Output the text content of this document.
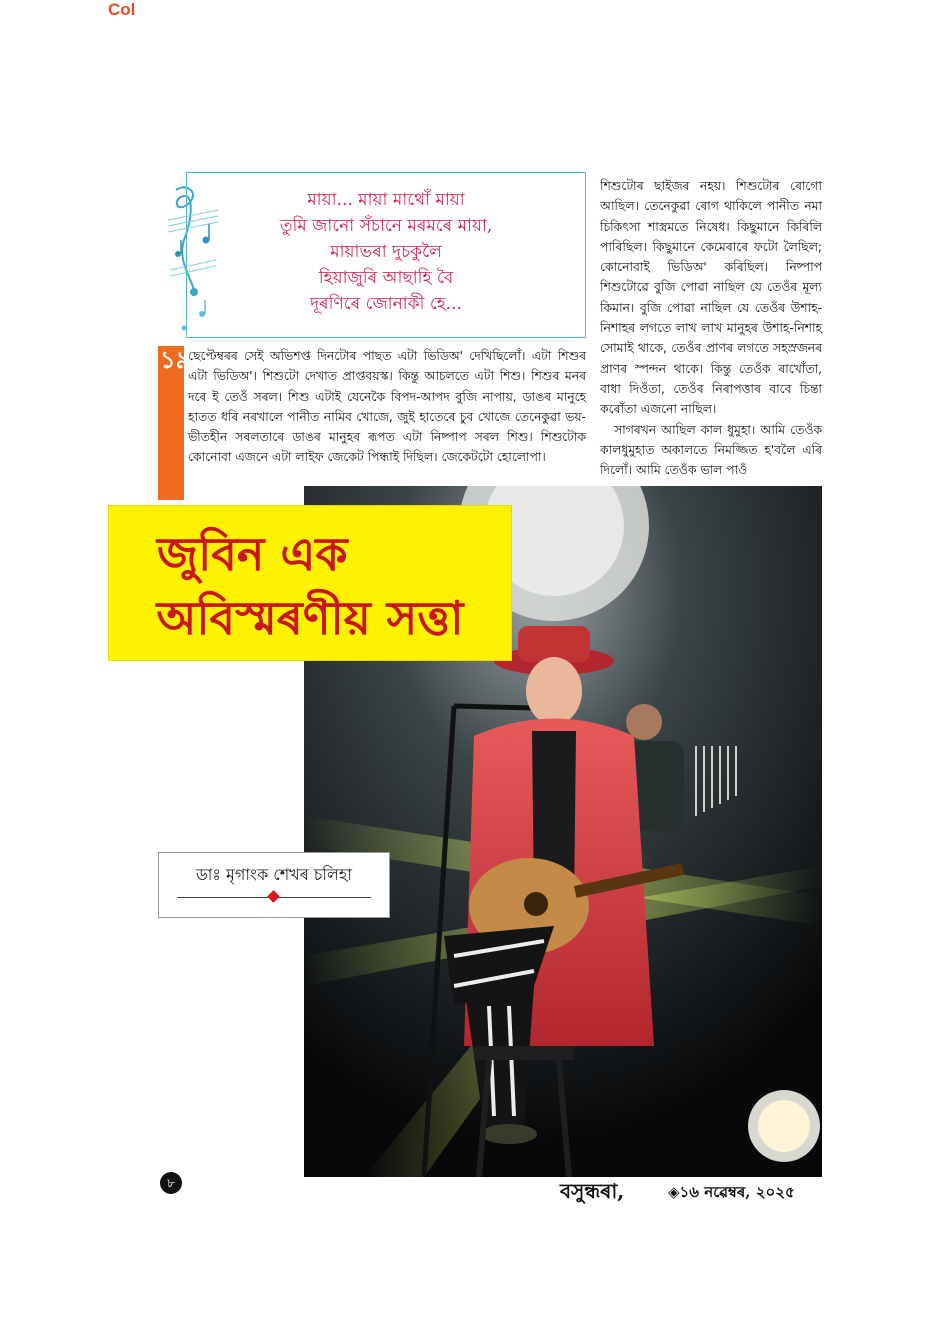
Col
মায়া... মায়া মাথোঁ মায়া
তুমি জানো সঁচানে মৰমৰে মায়া,
মায়াভৰা দুচকুলৈ
হিয়াজুৰি আছাহি বৈ
দূৰণিৰে জোনাকী হে...

শিশুটোৰ ছাইজৰ নহয়। শিশুটোৰ ৰোগো আছিল। তেনেকুৱা ৰোগ থাকিলে পানীত নমা চিকিৎসা শাস্ত্ৰমতে নিষেধ। কিছুমানে কিৰিলি পাৰিছিল। কিছুমানে কেমেৰাৰে ফটো লৈছিল; কোনোবাই ভিডিঅ' কৰিছিল। নিষ্পাপ শিশুটোৱে বুজি পোৱা নাছিল যে তেওঁৰ মূল্য কিমান। বুজি পোৱা নাছিল যে তেওঁৰ উশাহ-নিশাহৰ লগতে লাখ লাখ মানুহৰ উশাহ-নিশাহ সোমাই থাকে, তেওঁৰ প্ৰাণৰ লগতে সহস্ৰজনৰ প্ৰাণৰ স্পন্দন থাকে। কিন্তু তেওঁক ৰাখোঁতা, বাধা দিওঁতা, তেওঁৰ নিৰাপত্তাৰ বাবে চিন্তা কৰোঁতা এজনো নাছিল।

সাগৰখন আছিল কাল ধুমুহা। আমি তেওঁক কালধুমুহাত অকালতে নিমজ্জিত হ'বলৈ এৰি দিলোঁ। আমি তেওঁক ভাল পাওঁ

১৯

ছেপ্টেম্বৰৰ সেই অভিশপ্ত দিনটোৰ পাছত এটা ভিডিঅ' দেখিছিলোঁ। এটা শিশুৰ এটা ভিডিঅ'। শিশুটো দেখাত প্ৰাপ্তবয়স্ক। কিন্তু আচলতে এটা শিশু। শিশুৰ মনৰ দৰে ই তেওঁ সৰল। শিশু এটাই যেনেকৈ বিপদ-আপদ বুজি নাপায়, ডাঙৰ মানুহে হাতত ধৰি নৰখালে পানীত নামিব খোজে, জুই হাতেৰে চুব খোজে তেনেকুৱা ভয়-ভীতহীন সৰলতাৰে ডাঙৰ মানুহৰ ৰূপত এটা নিষ্পাপ সৰল শিশু। শিশুটোক কোনোবা এজনে এটা লাইফ জেকেট পিন্ধাই দিছিল। জেকেটটো হোলোপা।

জুবিন এক
অবিস্মৰণীয় সত্তা
ডাঃ মৃগাংক শেখৰ চলিহা
৮	বসুন্ধৰা,	◈১৬ নৱেম্বৰ, ২০২৫
